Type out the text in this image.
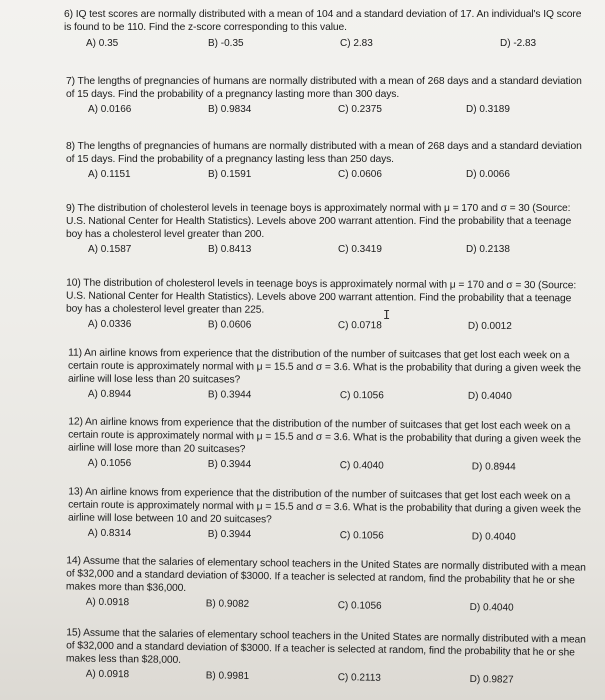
6) IQ test scores are normally distributed with a mean of 104 and a standard deviation of 17. An individual's IQ score is found to be 110. Find the z-score corresponding to this value.
A) 0.35	B) -0.35	C) 2.83	D) -2.83
7) The lengths of pregnancies of humans are normally distributed with a mean of 268 days and a standard deviation of 15 days. Find the probability of a pregnancy lasting more than 300 days.
A) 0.0166	B) 0.9834	C) 0.2375	D) 0.3189
8) The lengths of pregnancies of humans are normally distributed with a mean of 268 days and a standard deviation of 15 days. Find the probability of a pregnancy lasting less than 250 days.
A) 0.1151	B) 0.1591	C) 0.0606	D) 0.0066
9) The distribution of cholesterol levels in teenage boys is approximately normal with μ = 170 and σ = 30 (Source: U.S. National Center for Health Statistics). Levels above 200 warrant attention. Find the probability that a teenage boy has a cholesterol level greater than 200.
A) 0.1587	B) 0.8413	C) 0.3419	D) 0.2138
10) The distribution of cholesterol levels in teenage boys is approximately normal with μ = 170 and σ = 30 (Source: U.S. National Center for Health Statistics). Levels above 200 warrant attention. Find the probability that a teenage boy has a cholesterol level greater than 225.
A) 0.0336	B) 0.0606	C) 0.0718	D) 0.0012
11) An airline knows from experience that the distribution of the number of suitcases that get lost each week on a certain route is approximately normal with μ = 15.5 and σ = 3.6. What is the probability that during a given week the airline will lose less than 20 suitcases?
A) 0.8944	B) 0.3944	C) 0.1056	D) 0.4040
12) An airline knows from experience that the distribution of the number of suitcases that get lost each week on a certain route is approximately normal with μ = 15.5 and σ = 3.6. What is the probability that during a given week the airline will lose more than 20 suitcases?
A) 0.1056	B) 0.3944	C) 0.4040	D) 0.8944
13) An airline knows from experience that the distribution of the number of suitcases that get lost each week on a certain route is approximately normal with μ = 15.5 and σ = 3.6. What is the probability that during a given week the airline will lose between 10 and 20 suitcases?
A) 0.8314	B) 0.3944	C) 0.1056	D) 0.4040
14) Assume that the salaries of elementary school teachers in the United States are normally distributed with a mean of $32,000 and a standard deviation of $3000. If a teacher is selected at random, find the probability that he or she makes more than $36,000.
A) 0.0918	B) 0.9082	C) 0.1056	D) 0.4040
15) Assume that the salaries of elementary school teachers in the United States are normally distributed with a mean of $32,000 and a standard deviation of $3000. If a teacher is selected at random, find the probability that he or she makes less than $28,000.
A) 0.0918	B) 0.9981	C) 0.2113	D) 0.9827
I
